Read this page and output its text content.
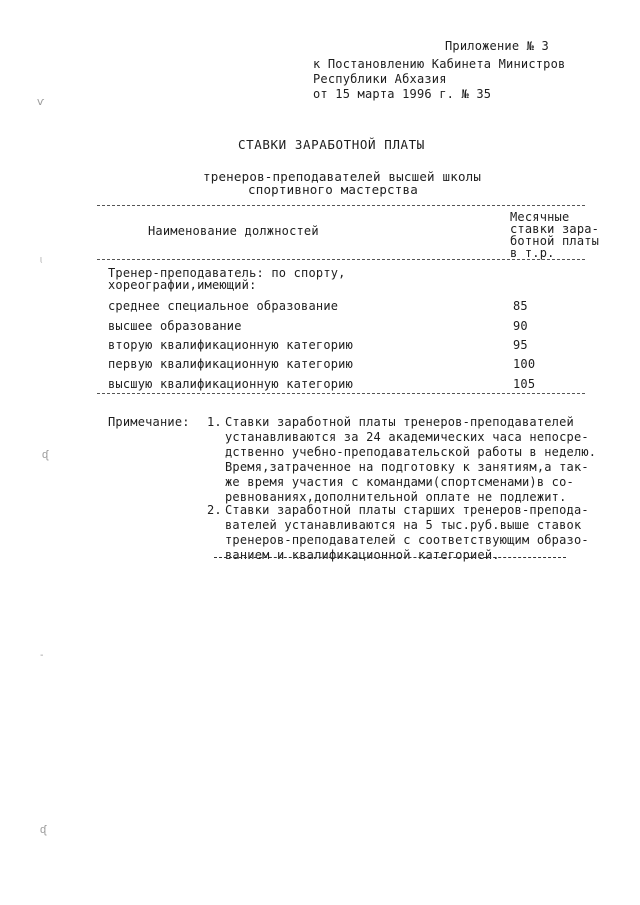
Приложение № 3
к Постановлению Кабинета Министров
Республики Абхазия
от 15 марта 1996 г. № 35
СТАВКИ ЗАРАБОТНОЙ ПЛАТЫ
тренеров-преподавателей высшей школы
спортивного мастерства
Наименование должностей
Месячные
ставки зара-
ботной платы
в т.р.
Тренер-преподаватель: по спорту,
хореографии,имеющий:
среднее специальное образование	85
высшее образование	90
вторую квалификационную категорию	95
первую квалификационную категорию	100
высшую квалификационную категорию	105
Примечание: 1. Ставки заработной платы тренеров-преподавателей
устанавливаются за 24 академических часа непосре-
дственно учебно-преподавательской работы в неделю.
Время,затраченное на подготовку к занятиям,а так-
же время участия с командами(спортсменами)в со-
ревнованиях,дополнительной оплате не подлежит.
2. Ставки заработной платы старших тренеров-препода-
вателей устанавливаются на 5 тыс.руб.выше ставок
тренеров-преподавателей с соответствующим образо-
ванием и квалификационной категорией.
ѵ
ᶩ
ᶑ
˗
ᶑ
